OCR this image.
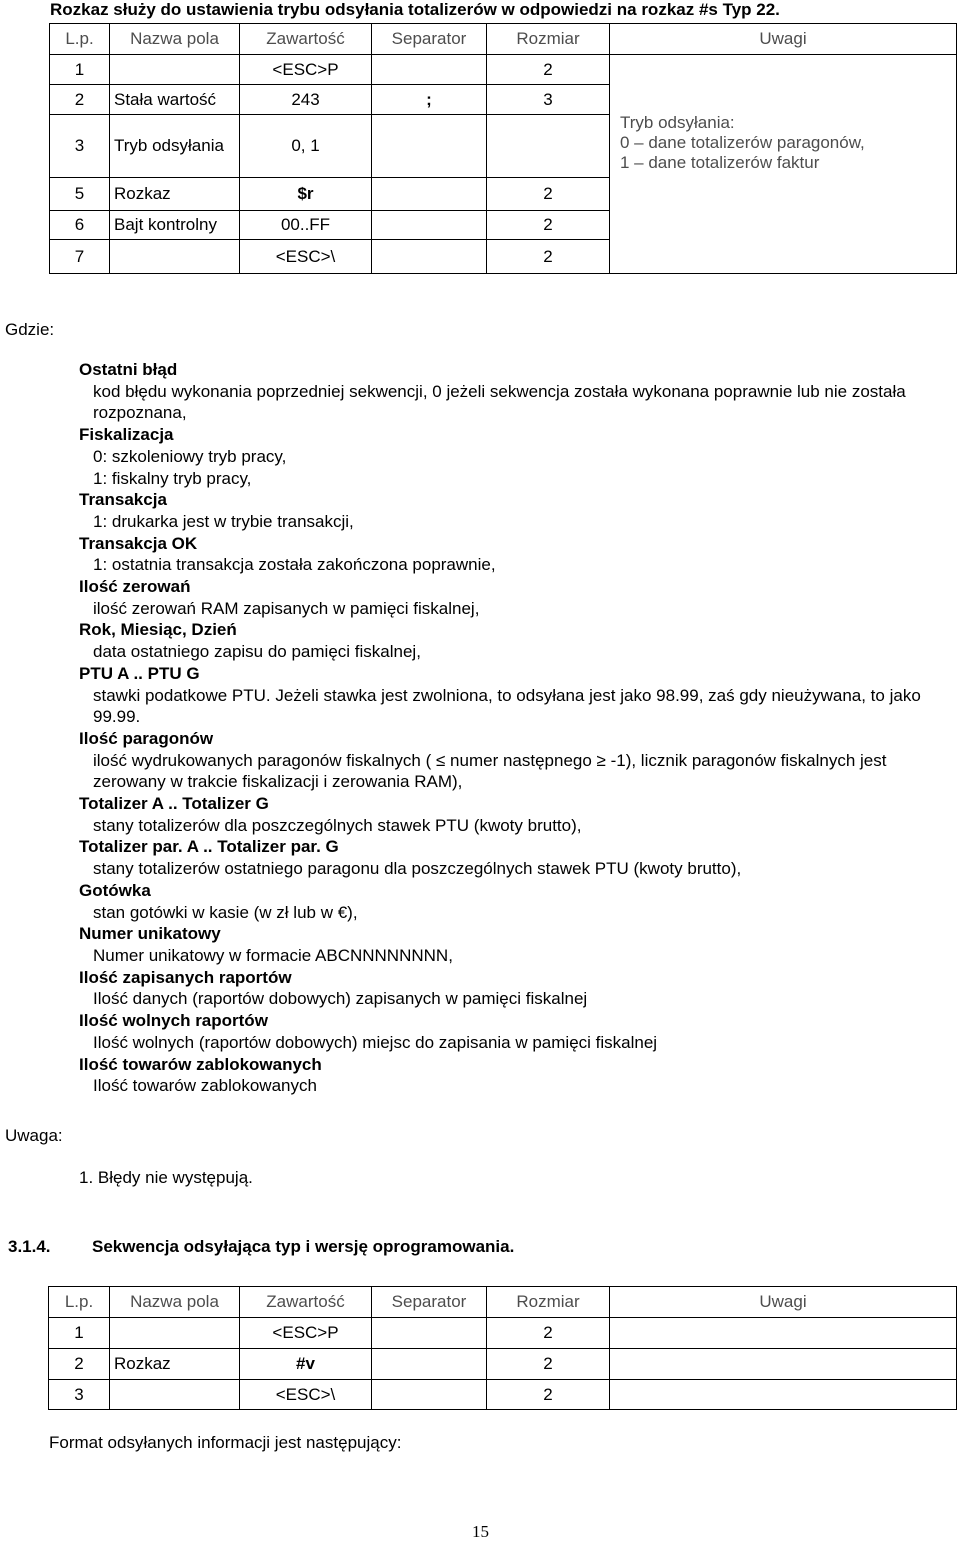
Rozkaz służy do ustawienia trybu odsyłania totalizerów w odpowiedzi na rozkaz #s Typ 22.
L.p.	Nazwa pola	Zawartość	Separator	Rozmiar	Uwagi
1		<ESC>P		2	
2	Stała wartość	243	;	3	
3	Tryb odsyłania	0, 1			Tryb odsyłania:
0 – dane totalizerów paragonów,
1 – dane totalizerów faktur

5	Rozkaz	$r		2	
6	Bajt kontrolny	00..FF		2	
7		<ESC>\		2	
Gdzie:
Ostatni błąd
kod błędu wykonania poprzedniej sekwencji, 0 jeżeli sekwencja została wykonana poprawnie lub nie została rozpoznana,
Fiskalizacja
0: szkoleniowy tryb pracy,
1: fiskalny tryb pracy,
Transakcja
1: drukarka jest w trybie transakcji,
Transakcja OK
1: ostatnia transakcja została zakończona poprawnie,
Ilość zerowań
ilość zerowań RAM zapisanych w pamięci fiskalnej,
Rok, Miesiąc, Dzień
data ostatniego zapisu do pamięci fiskalnej,
PTU A .. PTU G
stawki podatkowe PTU. Jeżeli stawka jest zwolniona, to odsyłana jest jako 98.99, zaś gdy nieużywana, to jako 99.99.
Ilość paragonów
ilość wydrukowanych paragonów fiskalnych ( ≤ numer następnego ≥ -1), licznik paragonów fiskalnych jest zerowany w trakcie fiskalizacji i zerowania RAM),
Totalizer A .. Totalizer G
stany totalizerów dla poszczególnych stawek PTU (kwoty brutto),
Totalizer par. A .. Totalizer par. G
stany totalizerów ostatniego paragonu dla poszczególnych stawek PTU (kwoty brutto),
Gotówka
stan gotówki w kasie (w zł lub w €),
Numer unikatowy
Numer unikatowy w formacie ABCNNNNNNNN,
Ilość zapisanych raportów
Ilość danych (raportów dobowych) zapisanych w pamięci fiskalnej
Ilość wolnych raportów
Ilość wolnych (raportów dobowych) miejsc do zapisania w pamięci fiskalnej
Ilość towarów zablokowanych
Ilość towarów zablokowanych
Uwaga:
1. Błędy nie występują.
3.1.4. Sekwencja odsyłająca typ i wersję oprogramowania.
L.p.	Nazwa pola	Zawartość	Separator	Rozmiar	Uwagi
1		<ESC>P		2	
2	Rozkaz	#v		2	
3		<ESC>\		2	
Format odsyłanych informacji jest następujący:
15
